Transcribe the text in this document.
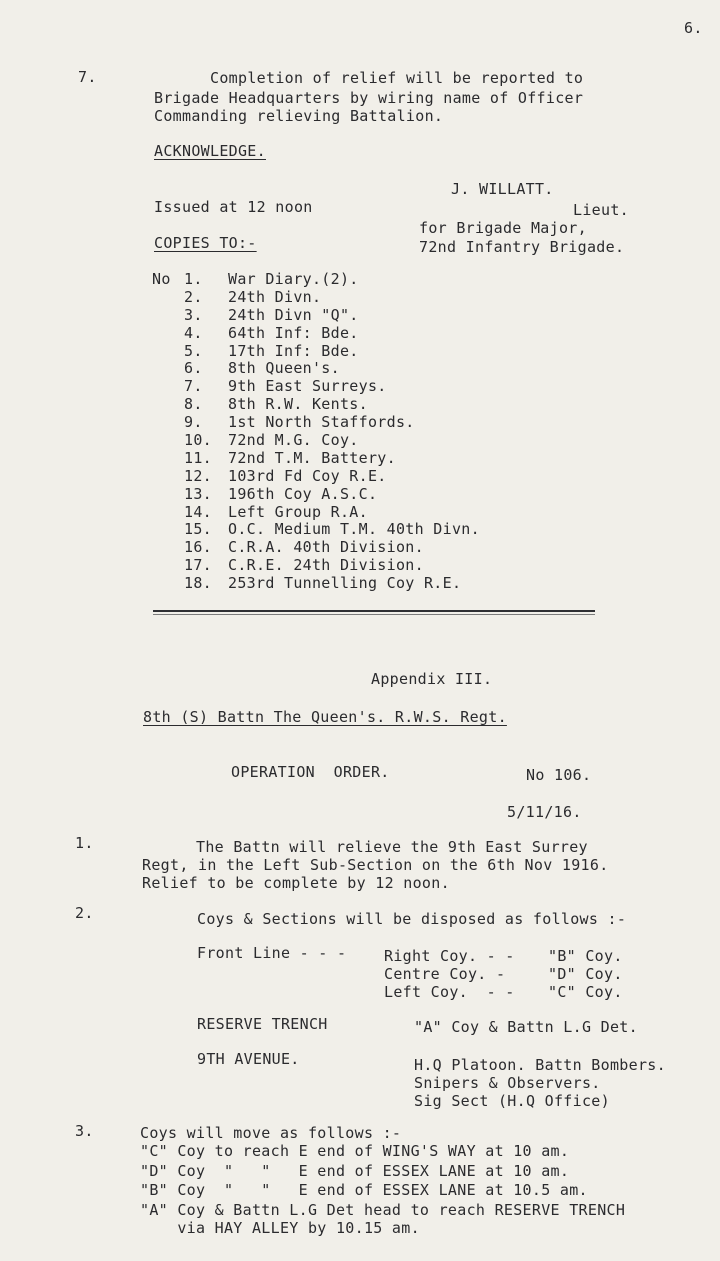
6.
7.	Completion of relief will be reported to
Brigade Headquarters by wiring name of Officer
Commanding relieving Battalion.
ACKNOWLEDGE.
J. WILLATT.
Lieut.
for Brigade Major,
72nd Infantry Brigade.
Issued at 12 noon
COPIES TO:-
No 1. War Diary.(2).
2. 24th Divn.
3. 24th Divn "Q".
4. 64th Inf: Bde.
5. 17th Inf: Bde.
6. 8th Queen's.
7. 9th East Surreys.
8. 8th R.W. Kents.
9. 1st North Staffords.
10. 72nd M.G. Coy.
11. 72nd T.M. Battery.
12. 103rd Fd Coy R.E.
13. 196th Coy A.S.C.
14. Left Group R.A.
15. O.C. Medium T.M. 40th Divn.
16. C.R.A. 40th Division.
17. C.R.E. 24th Division.
18. 253rd Tunnelling Coy R.E.
Appendix III.
8th (S) Battn The Queen's. R.W.S. Regt.
OPERATION  ORDER.	No 106.
5/11/16.
1.	The Battn will relieve the 9th East Surrey
Regt, in the Left Sub-Section on the 6th Nov 1916.
Relief to be complete by 12 noon.
2.	Coys & Sections will be disposed as follows :-
Front Line - - -	Right Coy. - - "B" Coy.
Centre Coy. -	"D" Coy.
Left Coy.  - - "C" Coy.
RESERVE TRENCH	"A" Coy & Battn L.G Det.
9TH AVENUE.	H.Q Platoon. Battn Bombers.
Snipers & Observers.
Sig Sect (H.Q Office)
3.	Coys will move as follows :-
"C" Coy to reach E end of WING'S WAY at 10 am.
"D" Coy  "   "   E end of ESSEX LANE at 10 am.
"B" Coy  "   "   E end of ESSEX LANE at 10.5 am.
"A" Coy & Battn L.G Det head to reach RESERVE TRENCH
via HAY ALLEY by 10.15 am.
